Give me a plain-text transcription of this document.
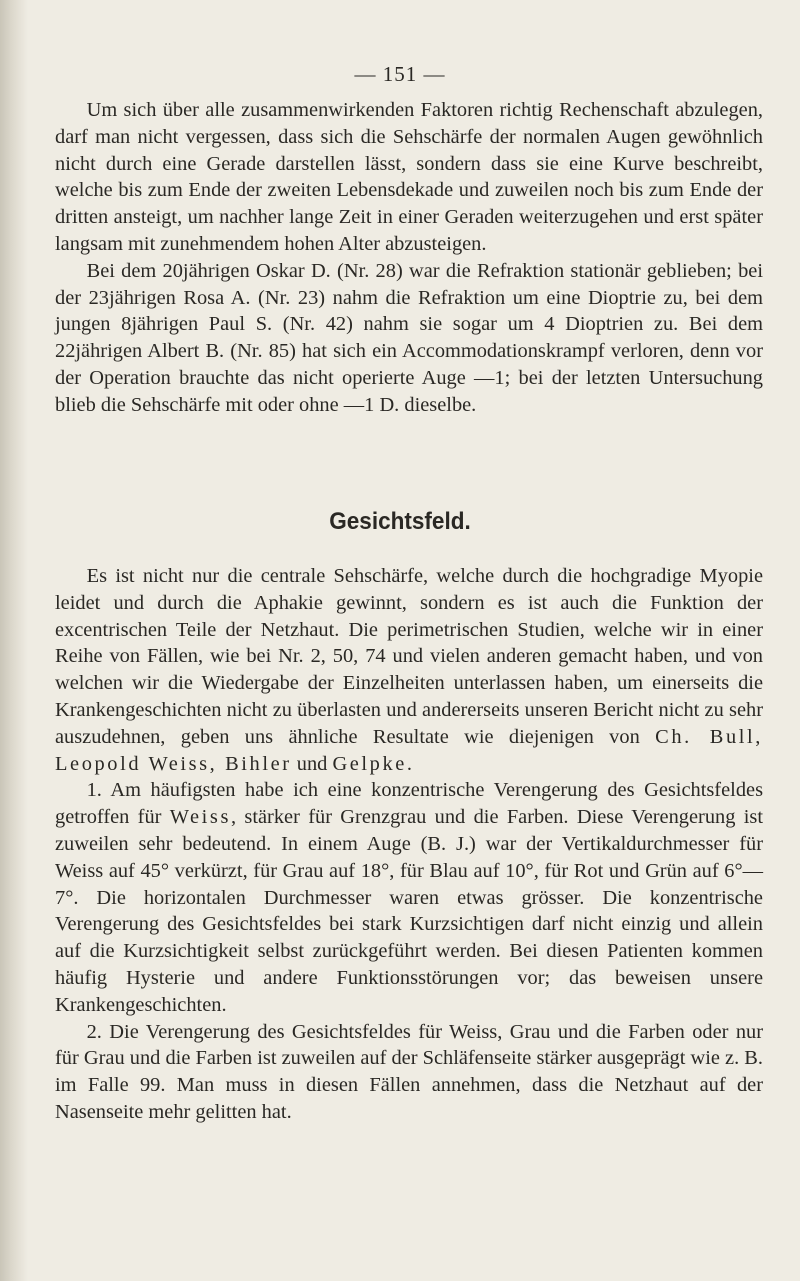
— 151 —

Um sich über alle zusammenwirkenden Faktoren richtig Rechenschaft abzulegen, darf man nicht vergessen, dass sich die Sehschärfe der normalen Augen gewöhnlich nicht durch eine Gerade darstellen lässt, sondern dass sie eine Kurve beschreibt, welche bis zum Ende der zweiten Lebensdekade und zuweilen noch bis zum Ende der dritten ansteigt, um nachher lange Zeit in einer Geraden weiterzugehen und erst später langsam mit zunehmendem hohen Alter abzusteigen.

Bei dem 20jährigen Oskar D. (Nr. 28) war die Refraktion stationär geblieben; bei der 23jährigen Rosa A. (Nr. 23) nahm die Refraktion um eine Dioptrie zu, bei dem jungen 8jährigen Paul S. (Nr. 42) nahm sie sogar um 4 Dioptrien zu. Bei dem 22jährigen Albert B. (Nr. 85) hat sich ein Accommodationskrampf verloren, denn vor der Operation brauchte das nicht operierte Auge —1; bei der letzten Untersuchung blieb die Sehschärfe mit oder ohne —1 D. dieselbe.

Gesichtsfeld.

Es ist nicht nur die centrale Sehschärfe, welche durch die hochgradige Myopie leidet und durch die Aphakie gewinnt, sondern es ist auch die Funktion der excentrischen Teile der Netzhaut. Die perimetrischen Studien, welche wir in einer Reihe von Fällen, wie bei Nr. 2, 50, 74 und vielen anderen gemacht haben, und von welchen wir die Wiedergabe der Einzelheiten unterlassen haben, um einerseits die Krankengeschichten nicht zu überlasten und andererseits unseren Bericht nicht zu sehr auszudehnen, geben uns ähnliche Resultate wie diejenigen von Ch. Bull, Leopold Weiss, Bihler und Gelpke.

1. Am häufigsten habe ich eine konzentrische Verengerung des Gesichtsfeldes getroffen für Weiss, stärker für Grenzgrau und die Farben. Diese Verengerung ist zuweilen sehr bedeutend. In einem Auge (B. J.) war der Vertikaldurchmesser für Weiss auf 45° verkürzt, für Grau auf 18°, für Blau auf 10°, für Rot und Grün auf 6°—7°. Die horizontalen Durchmesser waren etwas grösser. Die konzentrische Verengerung des Gesichtsfeldes bei stark Kurzsichtigen darf nicht einzig und allein auf die Kurzsichtigkeit selbst zurückgeführt werden. Bei diesen Patienten kommen häufig Hysterie und andere Funktionsstörungen vor; das beweisen unsere Krankengeschichten.

2. Die Verengerung des Gesichtsfeldes für Weiss, Grau und die Farben oder nur für Grau und die Farben ist zuweilen auf der Schläfenseite stärker ausgeprägt wie z. B. im Falle 99. Man muss in diesen Fällen annehmen, dass die Netzhaut auf der Nasenseite mehr gelitten hat.
